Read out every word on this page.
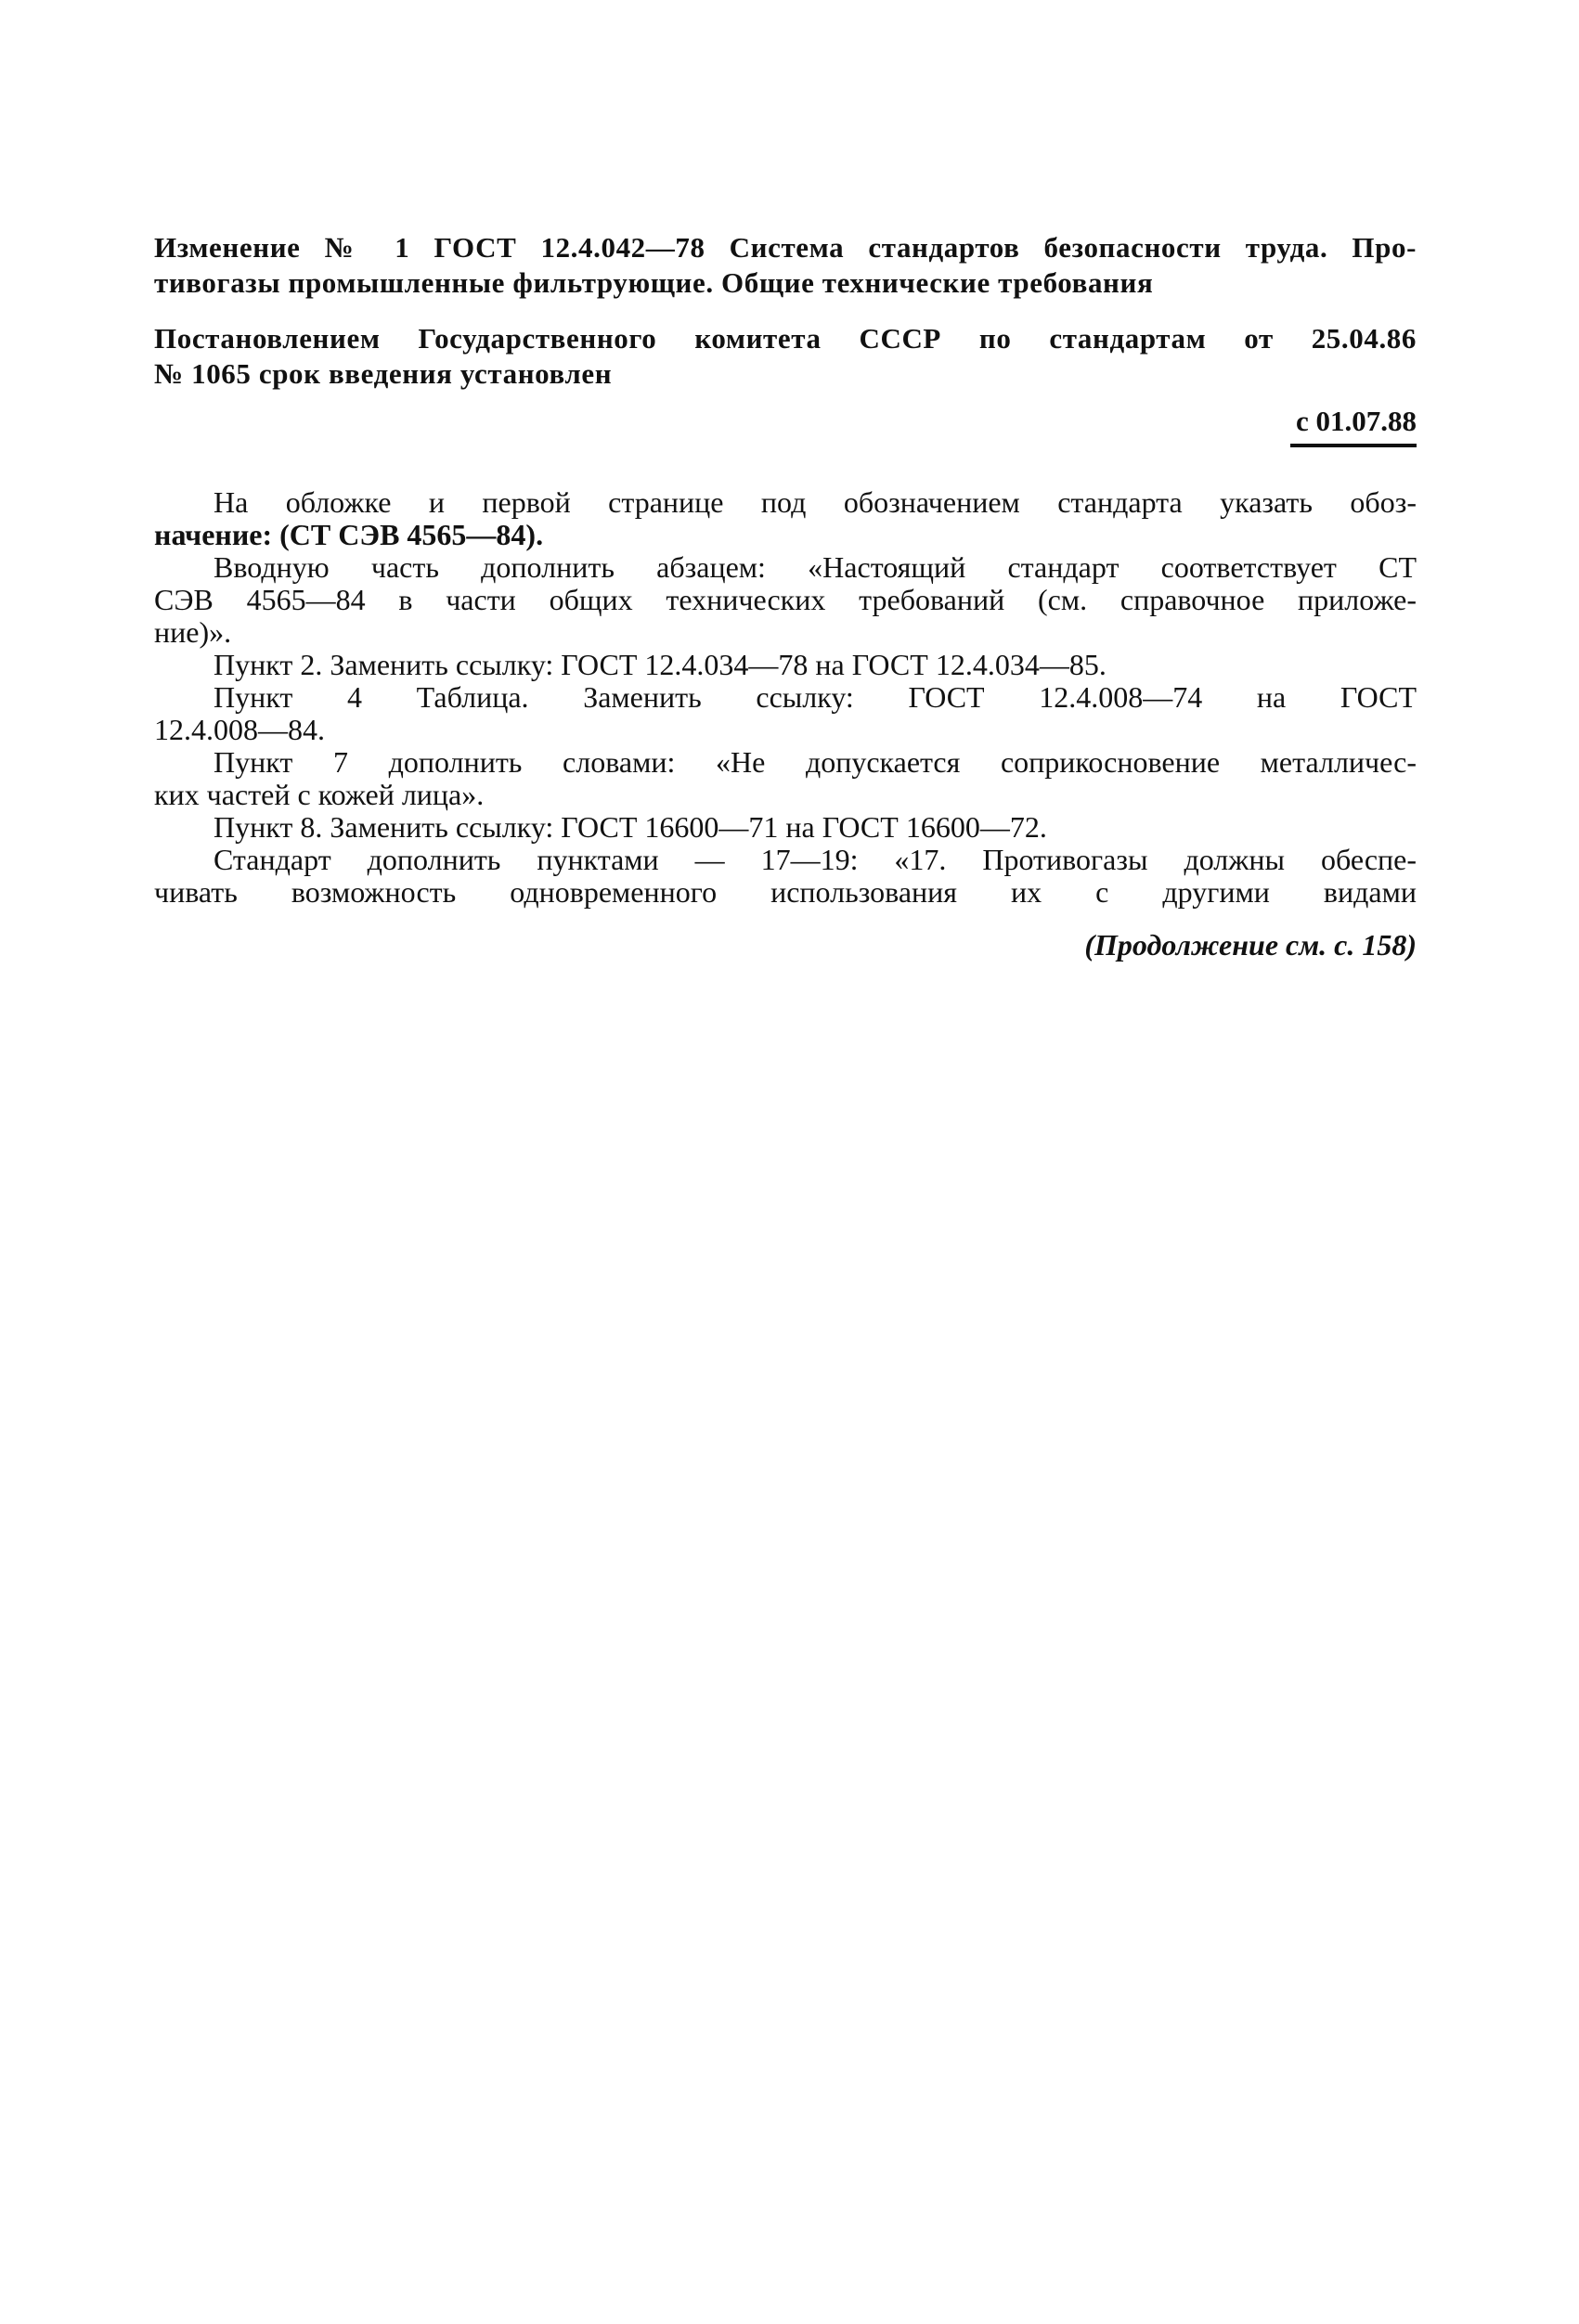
Изменение № 1 ГОСТ 12.4.042—78 Система стандартов безопасности труда. Про-
тивогазы промышленные фильтрующие. Общие технические требования
Постановлением Государственного комитета СССР по стандартам от 25.04.86
№ 1065 срок введения установлен
с 01.07.88
На обложке и первой странице под обозначением стандарта указать обоз-
начение: (СТ СЭВ 4565—84).
Вводную часть дополнить абзацем: «Настоящий стандарт соответствует СТ
СЭВ 4565—84 в части общих технических требований (см. справочное приложе-
ние)».
Пункт 2. Заменить ссылку: ГОСТ 12.4.034—78 на ГОСТ 12.4.034—85.
Пункт 4 Таблица. Заменить ссылку: ГОСТ 12.4.008—74 на ГОСТ
12.4.008—84.
Пункт 7 дополнить словами: «Не допускается соприкосновение металличес-
ких частей с кожей лица».
Пункт 8. Заменить ссылку: ГОСТ 16600—71 на ГОСТ 16600—72.
Стандарт дополнить пунктами — 17—19: «17. Противогазы должны обеспе-
чивать возможность одновременного использования их с другими видами
(Продолжение см. с. 158)
